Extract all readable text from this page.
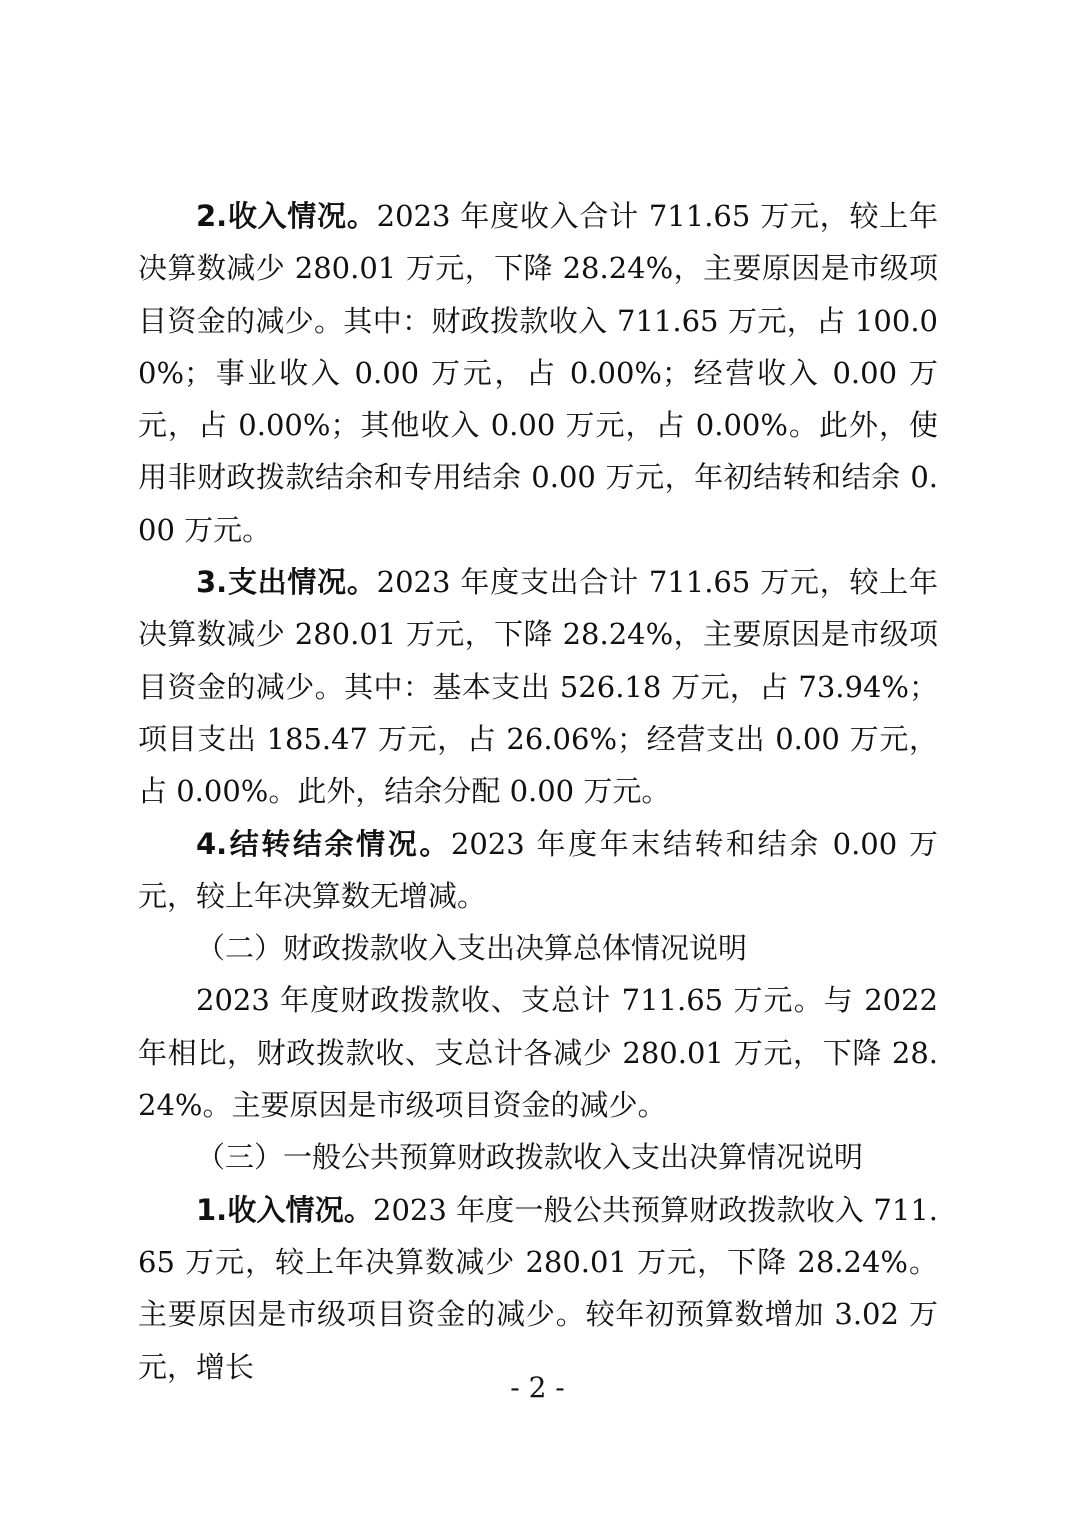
2.收入情况。2023 年度收入合计 711.65 万元，较上年决算数减少 280.01 万元，下降 28.24%，主要原因是市级项目资金的减少。其中：财政拨款收入 711.65 万元，占 100.00%；事业收入 0.00 万元，占 0.00%；经营收入 0.00 万元，占 0.00%；其他收入 0.00 万元，占 0.00%。此外，使用非财政拨款结余和专用结余 0.00 万元，年初结转和结余 0.00 万元。

3.支出情况。2023 年度支出合计 711.65 万元，较上年决算数减少 280.01 万元，下降 28.24%，主要原因是市级项目资金的减少。其中：基本支出 526.18 万元，占 73.94%；项目支出 185.47 万元，占 26.06%；经营支出 0.00 万元，占 0.00%。此外，结余分配 0.00 万元。

4.结转结余情况。2023 年度年末结转和结余 0.00 万元，较上年决算数无增减。

（二）财政拨款收入支出决算总体情况说明

2023 年度财政拨款收、支总计 711.65 万元。与 2022 年相比，财政拨款收、支总计各减少 280.01 万元，下降 28.24%。主要原因是市级项目资金的减少。

（三）一般公共预算财政拨款收入支出决算情况说明

1.收入情况。2023 年度一般公共预算财政拨款收入 711.65 万元，较上年决算数减少 280.01 万元，下降 28.24%。主要原因是市级项目资金的减少。较年初预算数增加 3.02 万元，增长

- 2 -
